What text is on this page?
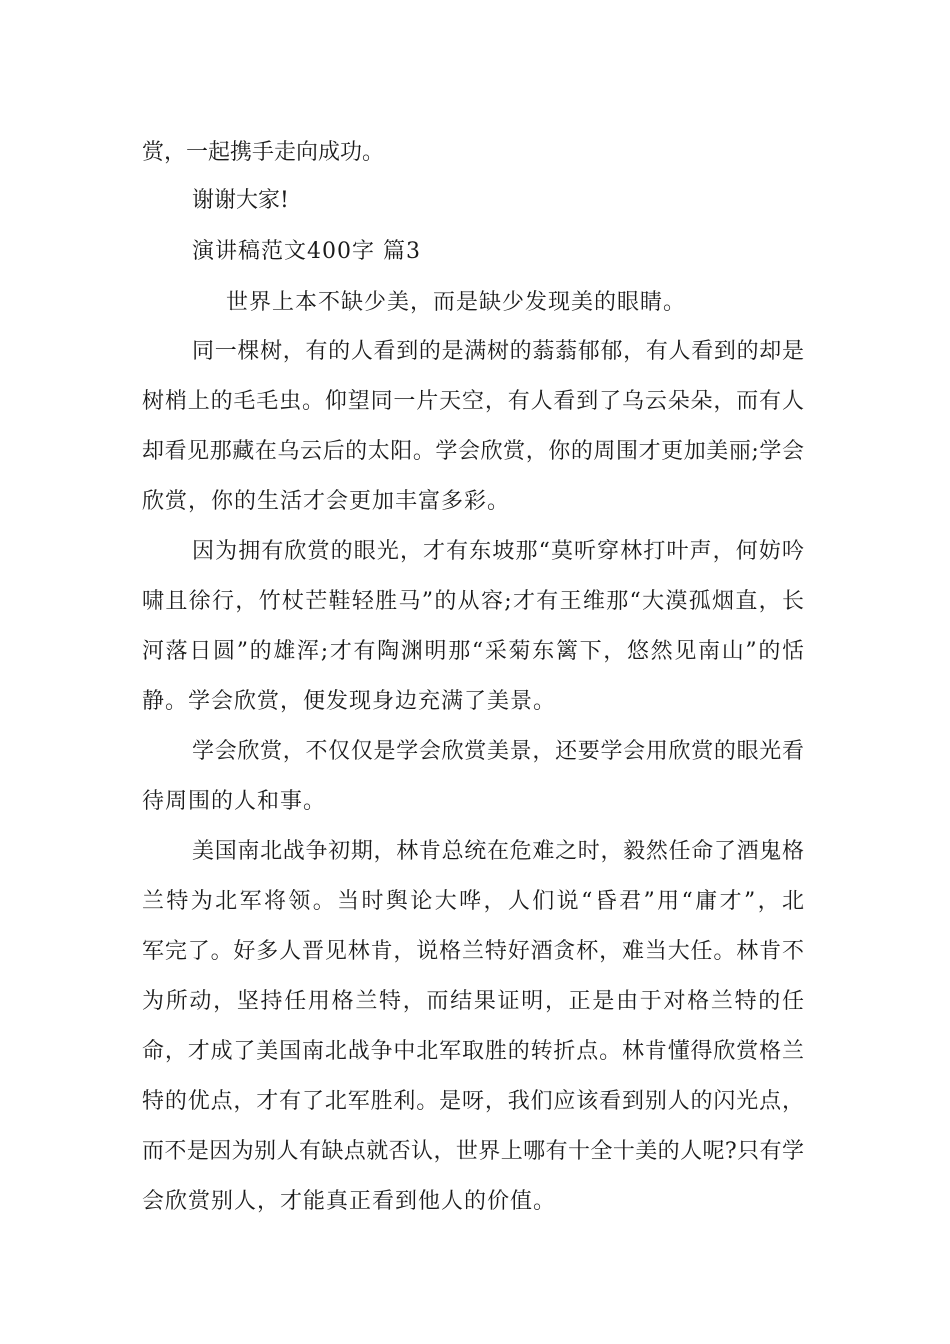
赏，一起携手走向成功。
谢谢大家!
演讲稿范文400字 篇3
世界上本不缺少美，而是缺少发现美的眼睛。
同一棵树，有的人看到的是满树的蓊蓊郁郁，有人看到的却是
树梢上的毛毛虫。仰望同一片天空，有人看到了乌云朵朵，而有人
却看见那藏在乌云后的太阳。学会欣赏，你的周围才更加美丽;学会
欣赏，你的生活才会更加丰富多彩。
因为拥有欣赏的眼光，才有东坡那“莫听穿林打叶声，何妨吟
啸且徐行，竹杖芒鞋轻胜马”的从容;才有王维那“大漠孤烟直，长
河落日圆”的雄浑;才有陶渊明那“采菊东篱下，悠然见南山”的恬
静。学会欣赏，便发现身边充满了美景。
学会欣赏，不仅仅是学会欣赏美景，还要学会用欣赏的眼光看
待周围的人和事。
美国南北战争初期，林肯总统在危难之时，毅然任命了酒鬼格
兰特为北军将领。当时舆论大哗，人们说“昏君”用“庸才”，北
军完了。好多人晋见林肯，说格兰特好酒贪杯，难当大任。林肯不
为所动，坚持任用格兰特，而结果证明，正是由于对格兰特的任
命，才成了美国南北战争中北军取胜的转折点。林肯懂得欣赏格兰
特的优点，才有了北军胜利。是呀，我们应该看到别人的闪光点，
而不是因为别人有缺点就否认，世界上哪有十全十美的人呢?只有学
会欣赏别人，才能真正看到他人的价值。
